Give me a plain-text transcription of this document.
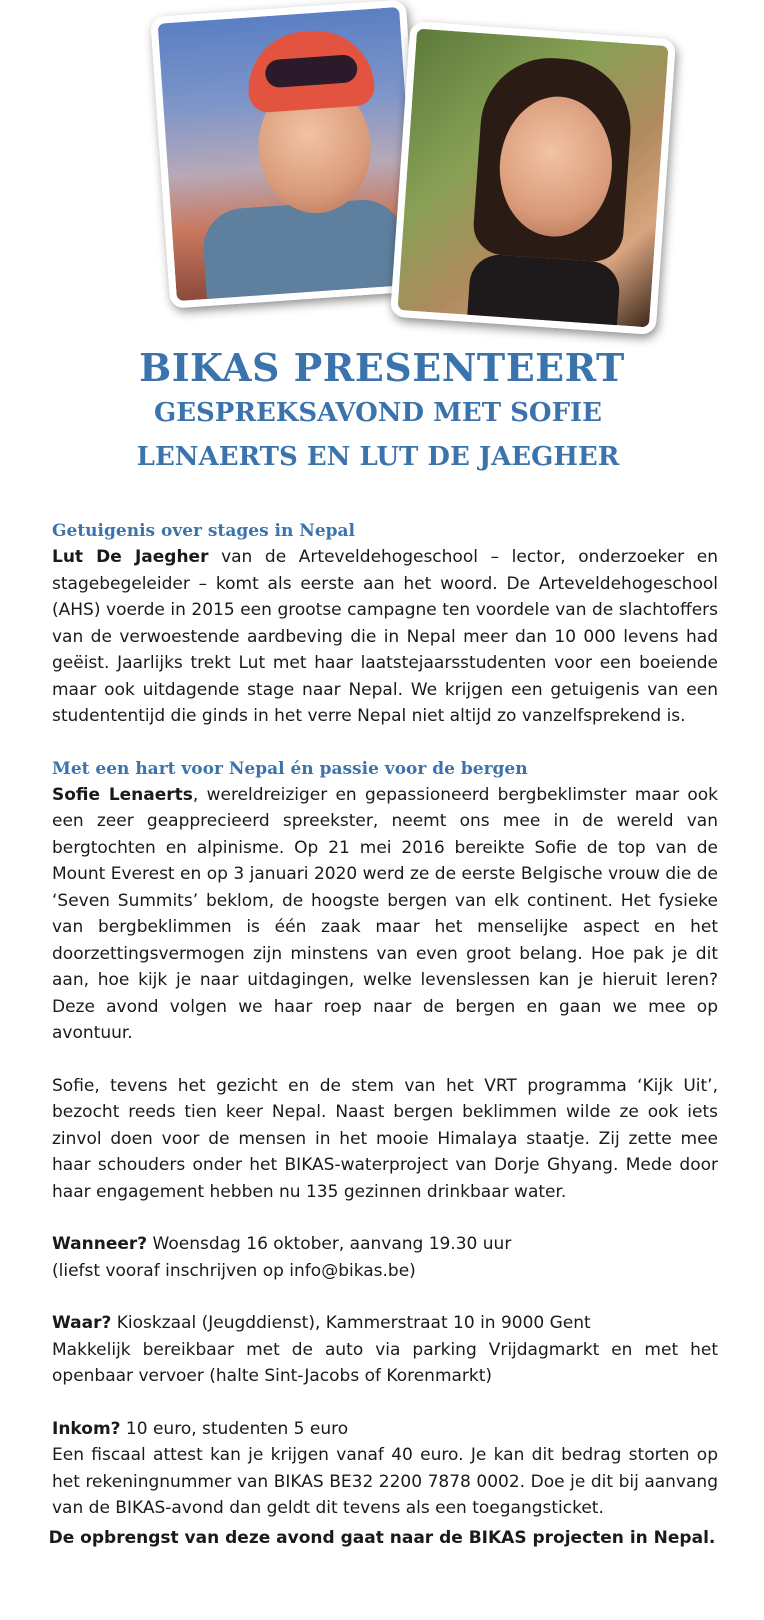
BIKAS PRESENTEERT
GESPREKSAVOND MET SOFIE
LENAERTS EN LUT DE JAEGHER

Getuigenis over stages in Nepal

Lut De Jaegher van de Arteveldehogeschool – lector, onderzoeker en stagebegeleider – komt als eerste aan het woord. De Arteveldehogeschool (AHS) voerde in 2015 een grootse campagne ten voordele van de slachtoffers van de verwoestende aardbeving die in Nepal meer dan 10 000 levens had geëist. Jaarlijks trekt Lut met haar laatstejaarsstudenten voor een boeiende maar ook uitdagende stage naar Nepal. We krijgen een getuigenis van een studententijd die ginds in het verre Nepal niet altijd zo vanzelfsprekend is.

Met een hart voor Nepal én passie voor de bergen

Sofie Lenaerts, wereldreiziger en gepassioneerd bergbeklimster maar ook een zeer geapprecieerd spreekster, neemt ons mee in de wereld van bergtochten en alpinisme. Op 21 mei 2016 bereikte Sofie de top van de Mount Everest en op 3 januari 2020 werd ze de eerste Belgische vrouw die de ‘Seven Summits’ beklom, de hoogste bergen van elk continent. Het fysieke van bergbeklimmen is één zaak maar het menselijke aspect en het doorzettingsvermogen zijn minstens van even groot belang. Hoe pak je dit aan, hoe kijk je naar uitdagingen, welke levenslessen kan je hieruit leren? Deze avond volgen we haar roep naar de bergen en gaan we mee op avontuur.

Sofie, tevens het gezicht en de stem van het VRT programma ‘Kijk Uit’, bezocht reeds tien keer Nepal. Naast bergen beklimmen wilde ze ook iets zinvol doen voor de mensen in het mooie Himalaya staatje. Zij zette mee haar schouders onder het BIKAS-waterproject van Dorje Ghyang. Mede door haar engagement hebben nu 135 gezinnen drinkbaar water.

Wanneer? Woensdag 16 oktober, aanvang 19.30 uur

(liefst vooraf inschrijven op info@bikas.be)

Waar? Kioskzaal (Jeugddienst), Kammerstraat 10 in 9000 Gent

Makkelijk bereikbaar met de auto via parking Vrijdagmarkt en met het openbaar vervoer (halte Sint-Jacobs of Korenmarkt)

Inkom? 10 euro, studenten 5 euro

Een fiscaal attest kan je krijgen vanaf 40 euro. Je kan dit bedrag storten op het rekeningnummer van BIKAS BE32 2200 7878 0002. Doe je dit bij aanvang van de BIKAS-avond dan geldt dit tevens als een toegangsticket.

De opbrengst van deze avond gaat naar de BIKAS projecten in Nepal.
